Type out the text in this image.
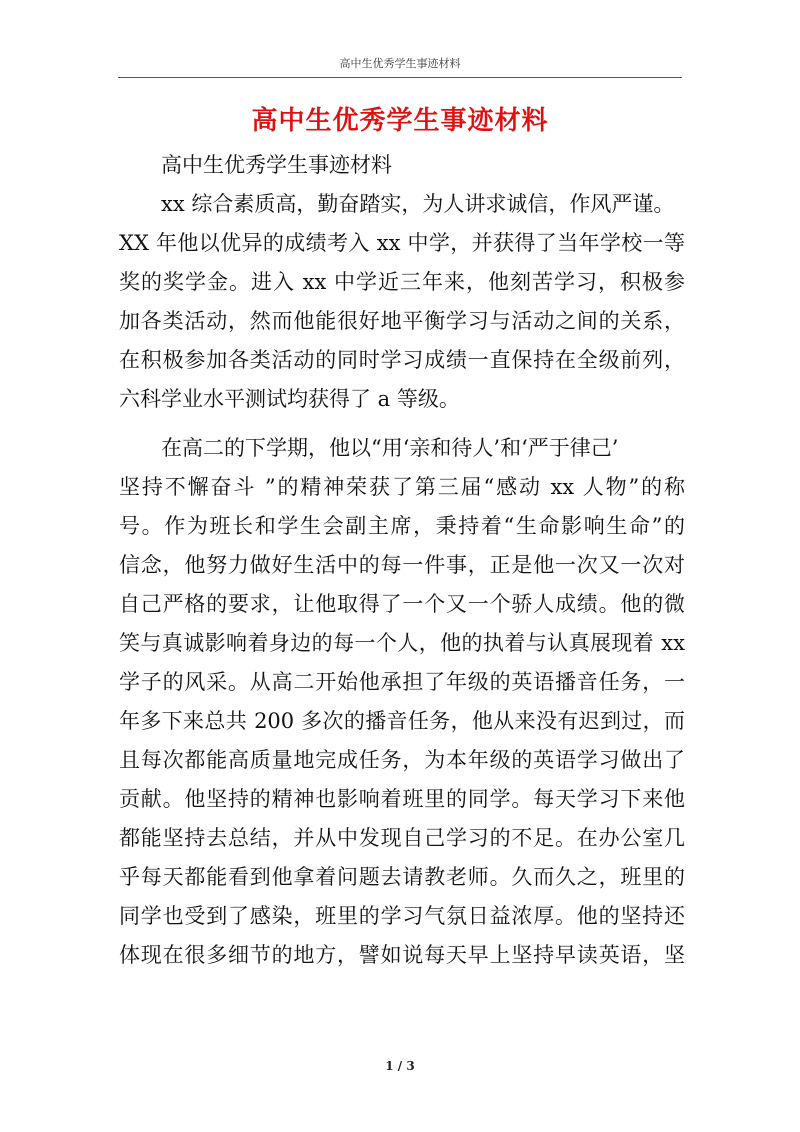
高中生优秀学生事迹材料
高中生优秀学生事迹材料
高中生优秀学生事迹材料
xx 综合素质高，勤奋踏实，为人讲求诚信，作风严谨。
XX 年他以优异的成绩考入 xx 中学，并获得了当年学校一等
奖的奖学金。进入 xx 中学近三年来，他刻苦学习，积极参
加各类活动，然而他能很好地平衡学习与活动之间的关系，
在积极参加各类活动的同时学习成绩一直保持在全级前列，
六科学业水平测试均获得了 a 等级。
在高二的下学期，他以“用‘亲和待人’和‘严于律己’
坚持不懈奋斗 ”的精神荣获了第三届“感动 xx 人物”的称
号。作为班长和学生会副主席，秉持着“生命影响生命”的
信念，他努力做好生活中的每一件事，正是他一次又一次对
自己严格的要求，让他取得了一个又一个骄人成绩。他的微
笑与真诚影响着身边的每一个人，他的执着与认真展现着 xx
学子的风采。从高二开始他承担了年级的英语播音任务，一
年多下来总共 200 多次的播音任务，他从来没有迟到过，而
且每次都能高质量地完成任务，为本年级的英语学习做出了
贡献。他坚持的精神也影响着班里的同学。每天学习下来他
都能坚持去总结，并从中发现自己学习的不足。在办公室几
乎每天都能看到他拿着问题去请教老师。久而久之，班里的
同学也受到了感染，班里的学习气氛日益浓厚。他的坚持还
体现在很多细节的地方，譬如说每天早上坚持早读英语，坚
1 / 3
